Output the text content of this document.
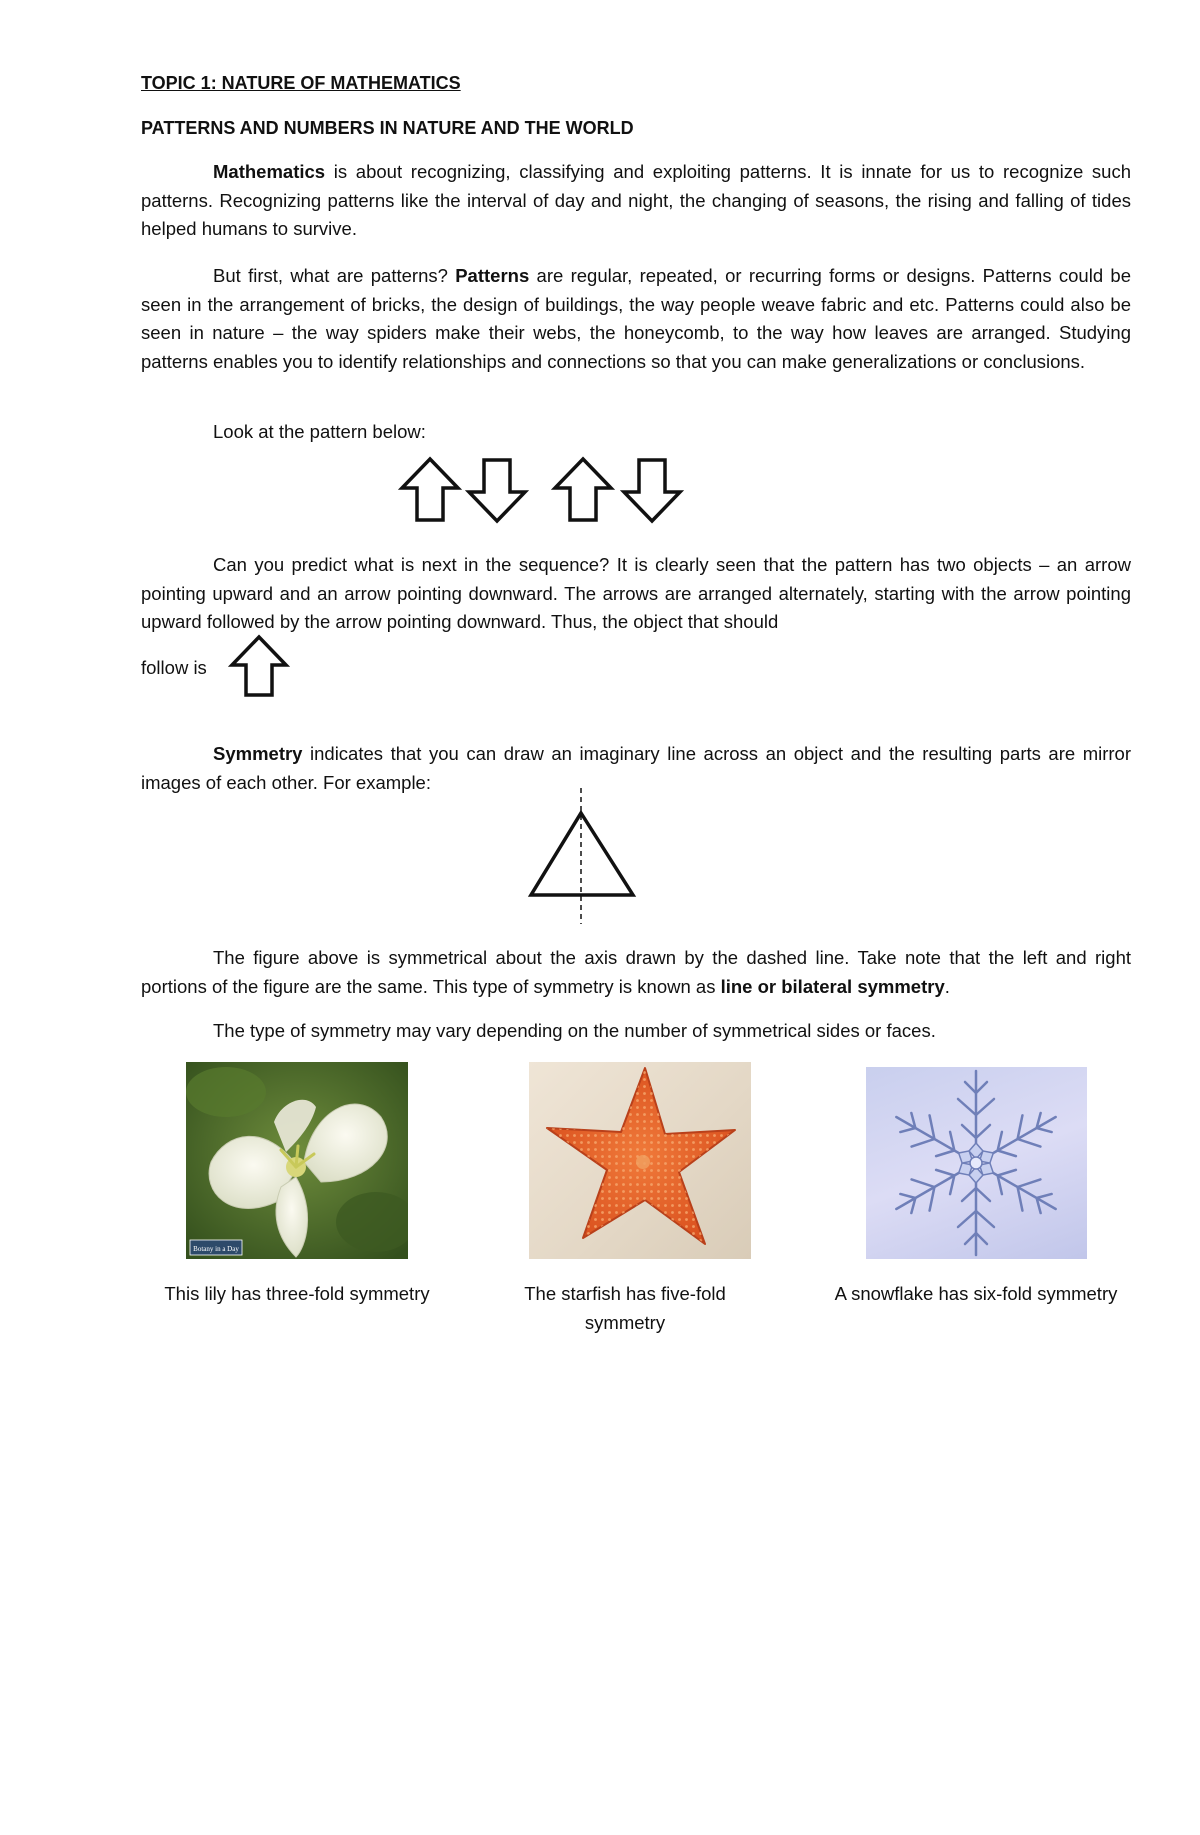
TOPIC 1: NATURE OF MATHEMATICS
PATTERNS AND NUMBERS IN NATURE AND THE WORLD
Mathematics is about recognizing, classifying and exploiting patterns. It is innate for us to recognize such patterns. Recognizing patterns like the interval of day and night, the changing of seasons, the rising and falling of tides helped humans to survive.
But first, what are patterns? Patterns are regular, repeated, or recurring forms or designs. Patterns could be seen in the arrangement of bricks, the design of buildings, the way people weave fabric and etc. Patterns could also be seen in nature – the way spiders make their webs, the honeycomb, to the way how leaves are arranged. Studying patterns enables you to identify relationships and connections so that you can make generalizations or conclusions.
Look at the pattern below:
Can you predict what is next in the sequence? It is clearly seen that the pattern has two objects – an arrow pointing upward and an arrow pointing downward. The arrows are arranged alternately, starting with the arrow pointing upward followed by the arrow pointing downward. Thus, the object that should
follow is
Symmetry indicates that you can draw an imaginary line across an object and the resulting parts are mirror images of each other. For example:
The figure above is symmetrical about the axis drawn by the dashed line. Take note that the left and right portions of the figure are the same. This type of symmetry is known as line or bilateral symmetry.
The type of symmetry may vary depending on the number of symmetrical sides or faces.
Botany in a Day
This lily has three-fold symmetry	The starfish has five-fold symmetry
A snowflake has six-fold symmetry
